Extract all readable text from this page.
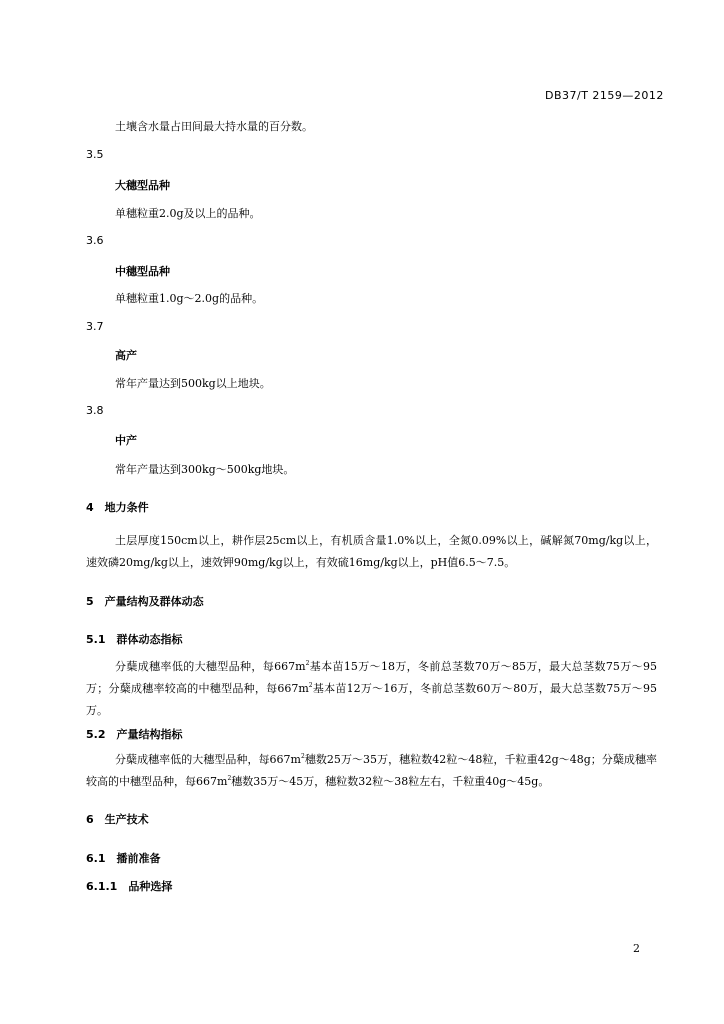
DB37/T 2159—2012
土壤含水量占田间最大持水量的百分数。
3.5
大穗型品种
单穗粒重2.0g及以上的品种。
3.6
中穗型品种
单穗粒重1.0g～2.0g的品种。
3.7
高产
常年产量达到500kg以上地块。
3.8
中产
常年产量达到300kg～500kg地块。
4　地力条件
土层厚度150cm以上，耕作层25cm以上，有机质含量1.0%以上，全氮0.09%以上，碱解氮70mg/kg以上，速效磷20mg/kg以上，速效钾90mg/kg以上，有效硫16mg/kg以上，pH值6.5～7.5。
5　产量结构及群体动态
5.1　群体动态指标
分蘖成穗率低的大穗型品种，每$667m^2$基本苗15万～18万，冬前总茎数70万～85万，最大总茎数75万～95万；分蘖成穗率较高的中穗型品种，每$667m^2$基本苗12万～16万，冬前总茎数60万～80万，最大总茎数75万～95万。
5.2　产量结构指标
分蘖成穗率低的大穗型品种，每$667m^2$穗数25万～35万，穗粒数42粒～48粒，千粒重42g～48g；分蘖成穗率较高的中穗型品种，每$667m^2$穗数35万～45万，穗粒数32粒～38粒左右，千粒重40g～45g。
6　生产技术
6.1　播前准备
6.1.1　品种选择
2
